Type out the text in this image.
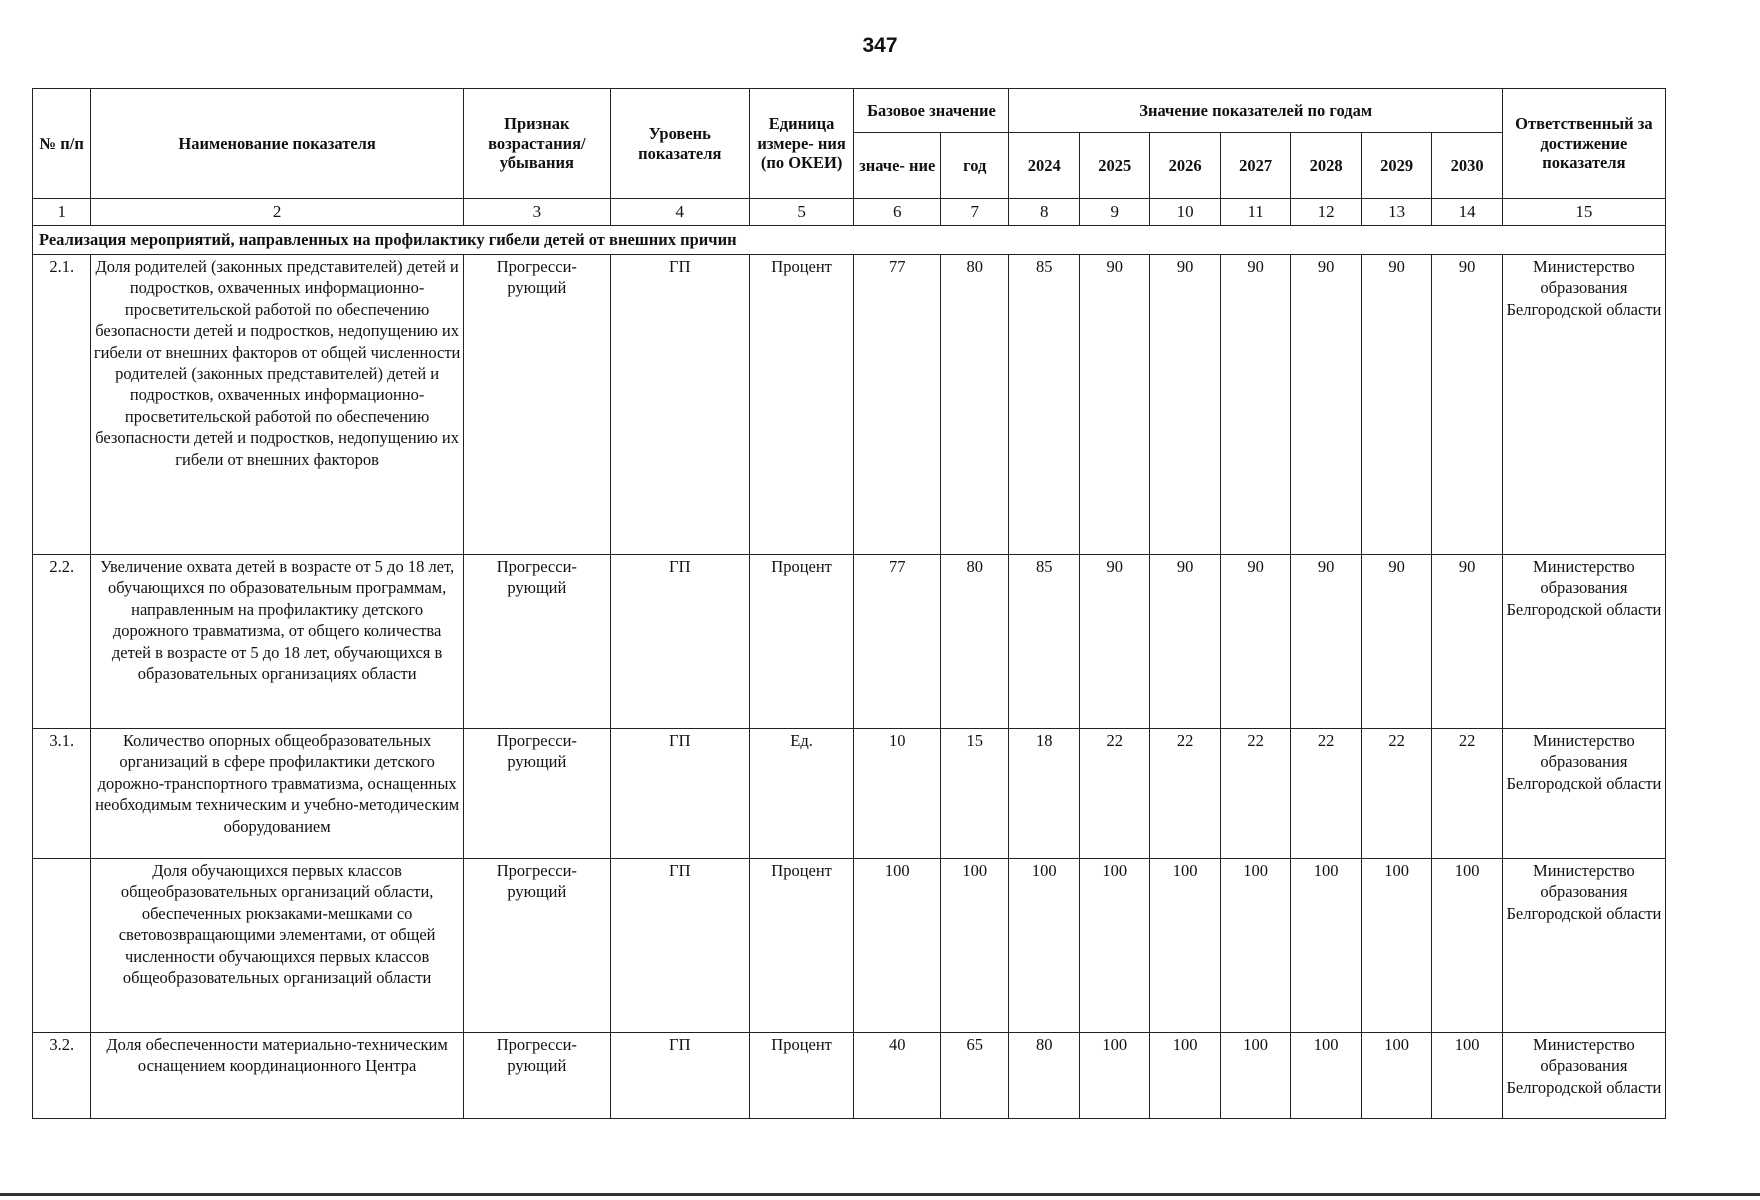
347
№ п/п	Наименование показателя	Признак возрастания/ убывания	Уровень показателя	Единица измере- ния (по ОКЕИ)	Базовое значение		Значение показателей по годам							Ответственный за достижение показателя
					значе- ние	год	2024	2025	2026	2027	2028	2029	2030	
1	2	3	4	5	6	7	8	9	10	11	12	13	14	15
Реализация мероприятий, направленных на профилактику гибели детей от внешних причин														
2.1.	Доля родителей (законных представителей) детей и подростков, охваченных информационно-просветительской работой по обеспечению безопасности детей и подростков, недопущению их гибели от внешних факторов от общей численности родителей (законных представителей) детей и подростков, охваченных информационно-просветительской работой по обеспечению безопасности детей и подростков, недопущению их гибели от внешних факторов	Прогресси- рующий	ГП	Процент	77	80	85	90	90	90	90	90	90	Министерство образования Белгородской области
2.2.	Увеличение охвата детей в возрасте от 5 до 18 лет, обучающихся по образовательным программам, направленным на профилактику детского дорожного травматизма, от общего количества детей в возрасте от 5 до 18 лет, обучающихся в образовательных организациях области	Прогресси- рующий	ГП	Процент	77	80	85	90	90	90	90	90	90	Министерство образования Белгородской области
3.1.	Количество опорных общеобразовательных организаций в сфере профилактики детского дорожно-транспортного травматизма, оснащенных необходимым техническим и учебно-методическим оборудованием	Прогресси- рующий	ГП	Ед.	10	15	18	22	22	22	22	22	22	Министерство образования Белгородской области
	Доля обучающихся первых классов общеобразовательных организаций области, обеспеченных рюкзаками-мешками со световозвращающими элементами, от общей численности обучающихся первых классов общеобразовательных организаций области	Прогресси- рующий	ГП	Процент	100	100	100	100	100	100	100	100	100	Министерство образования Белгородской области
3.2.	Доля обеспеченности материально-техническим оснащением координационного Центра	Прогресси- рующий	ГП	Процент	40	65	80	100	100	100	100	100	100	Министерство образования Белгородской области
